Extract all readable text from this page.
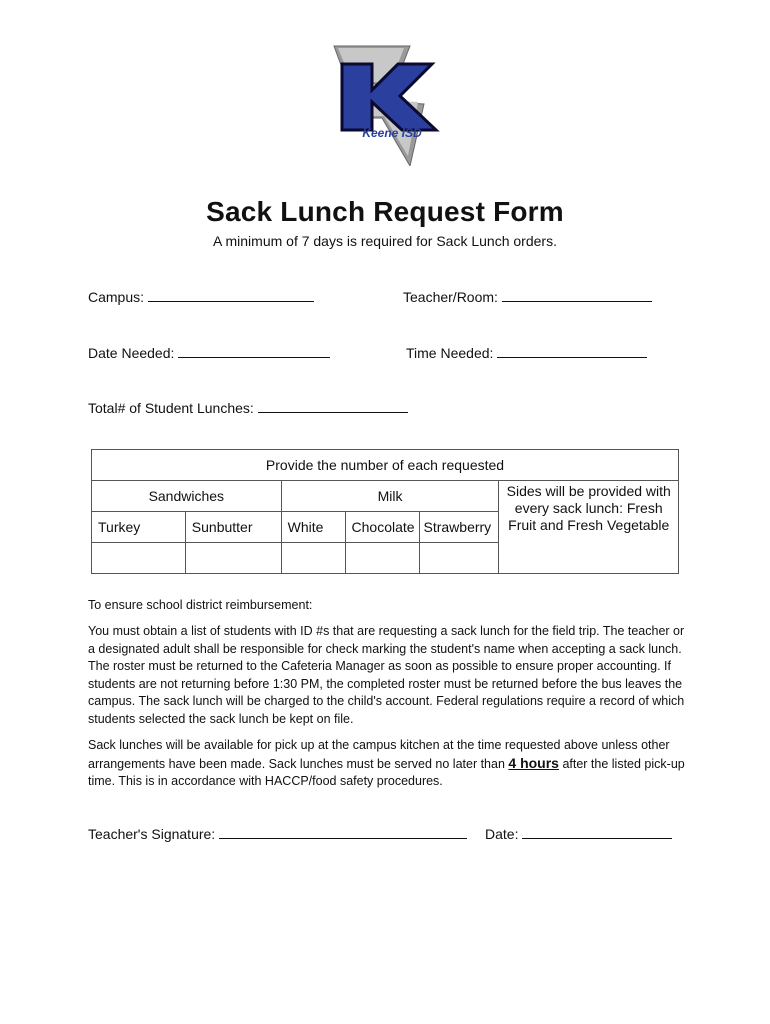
Keene ISD
Sack Lunch Request Form
A minimum of 7 days is required for Sack Lunch orders.
Campus:	Teacher/Room:
Date Needed:	Time Needed:
Total# of Student Lunches:
Provide the number of each requested					
Sandwiches		Milk			Sides will be provided with every sack lunch: Fresh Fruit and Fresh Vegetable
Turkey	Sunbutter	White	Chocolate	Strawberry	

To ensure school district reimbursement:
You must obtain a list of students with ID #s that are requesting a sack lunch for the field trip. The teacher or a designated adult shall be responsible for check marking the student's name when accepting a sack lunch. The roster must be returned to the Cafeteria Manager as soon as possible to ensure proper accounting. If students are not returning before 1:30 PM, the completed roster must be returned before the bus leaves the campus. The sack lunch will be charged to the child's account. Federal regulations require a record of which students selected the sack lunch be kept on file.
Sack lunches will be available for pick up at the campus kitchen at the time requested above unless other arrangements have been made. Sack lunches must be served no later than 4 hours after the listed pick-up time. This is in accordance with HACCP/food safety procedures.
Teacher's Signature:	Date:
